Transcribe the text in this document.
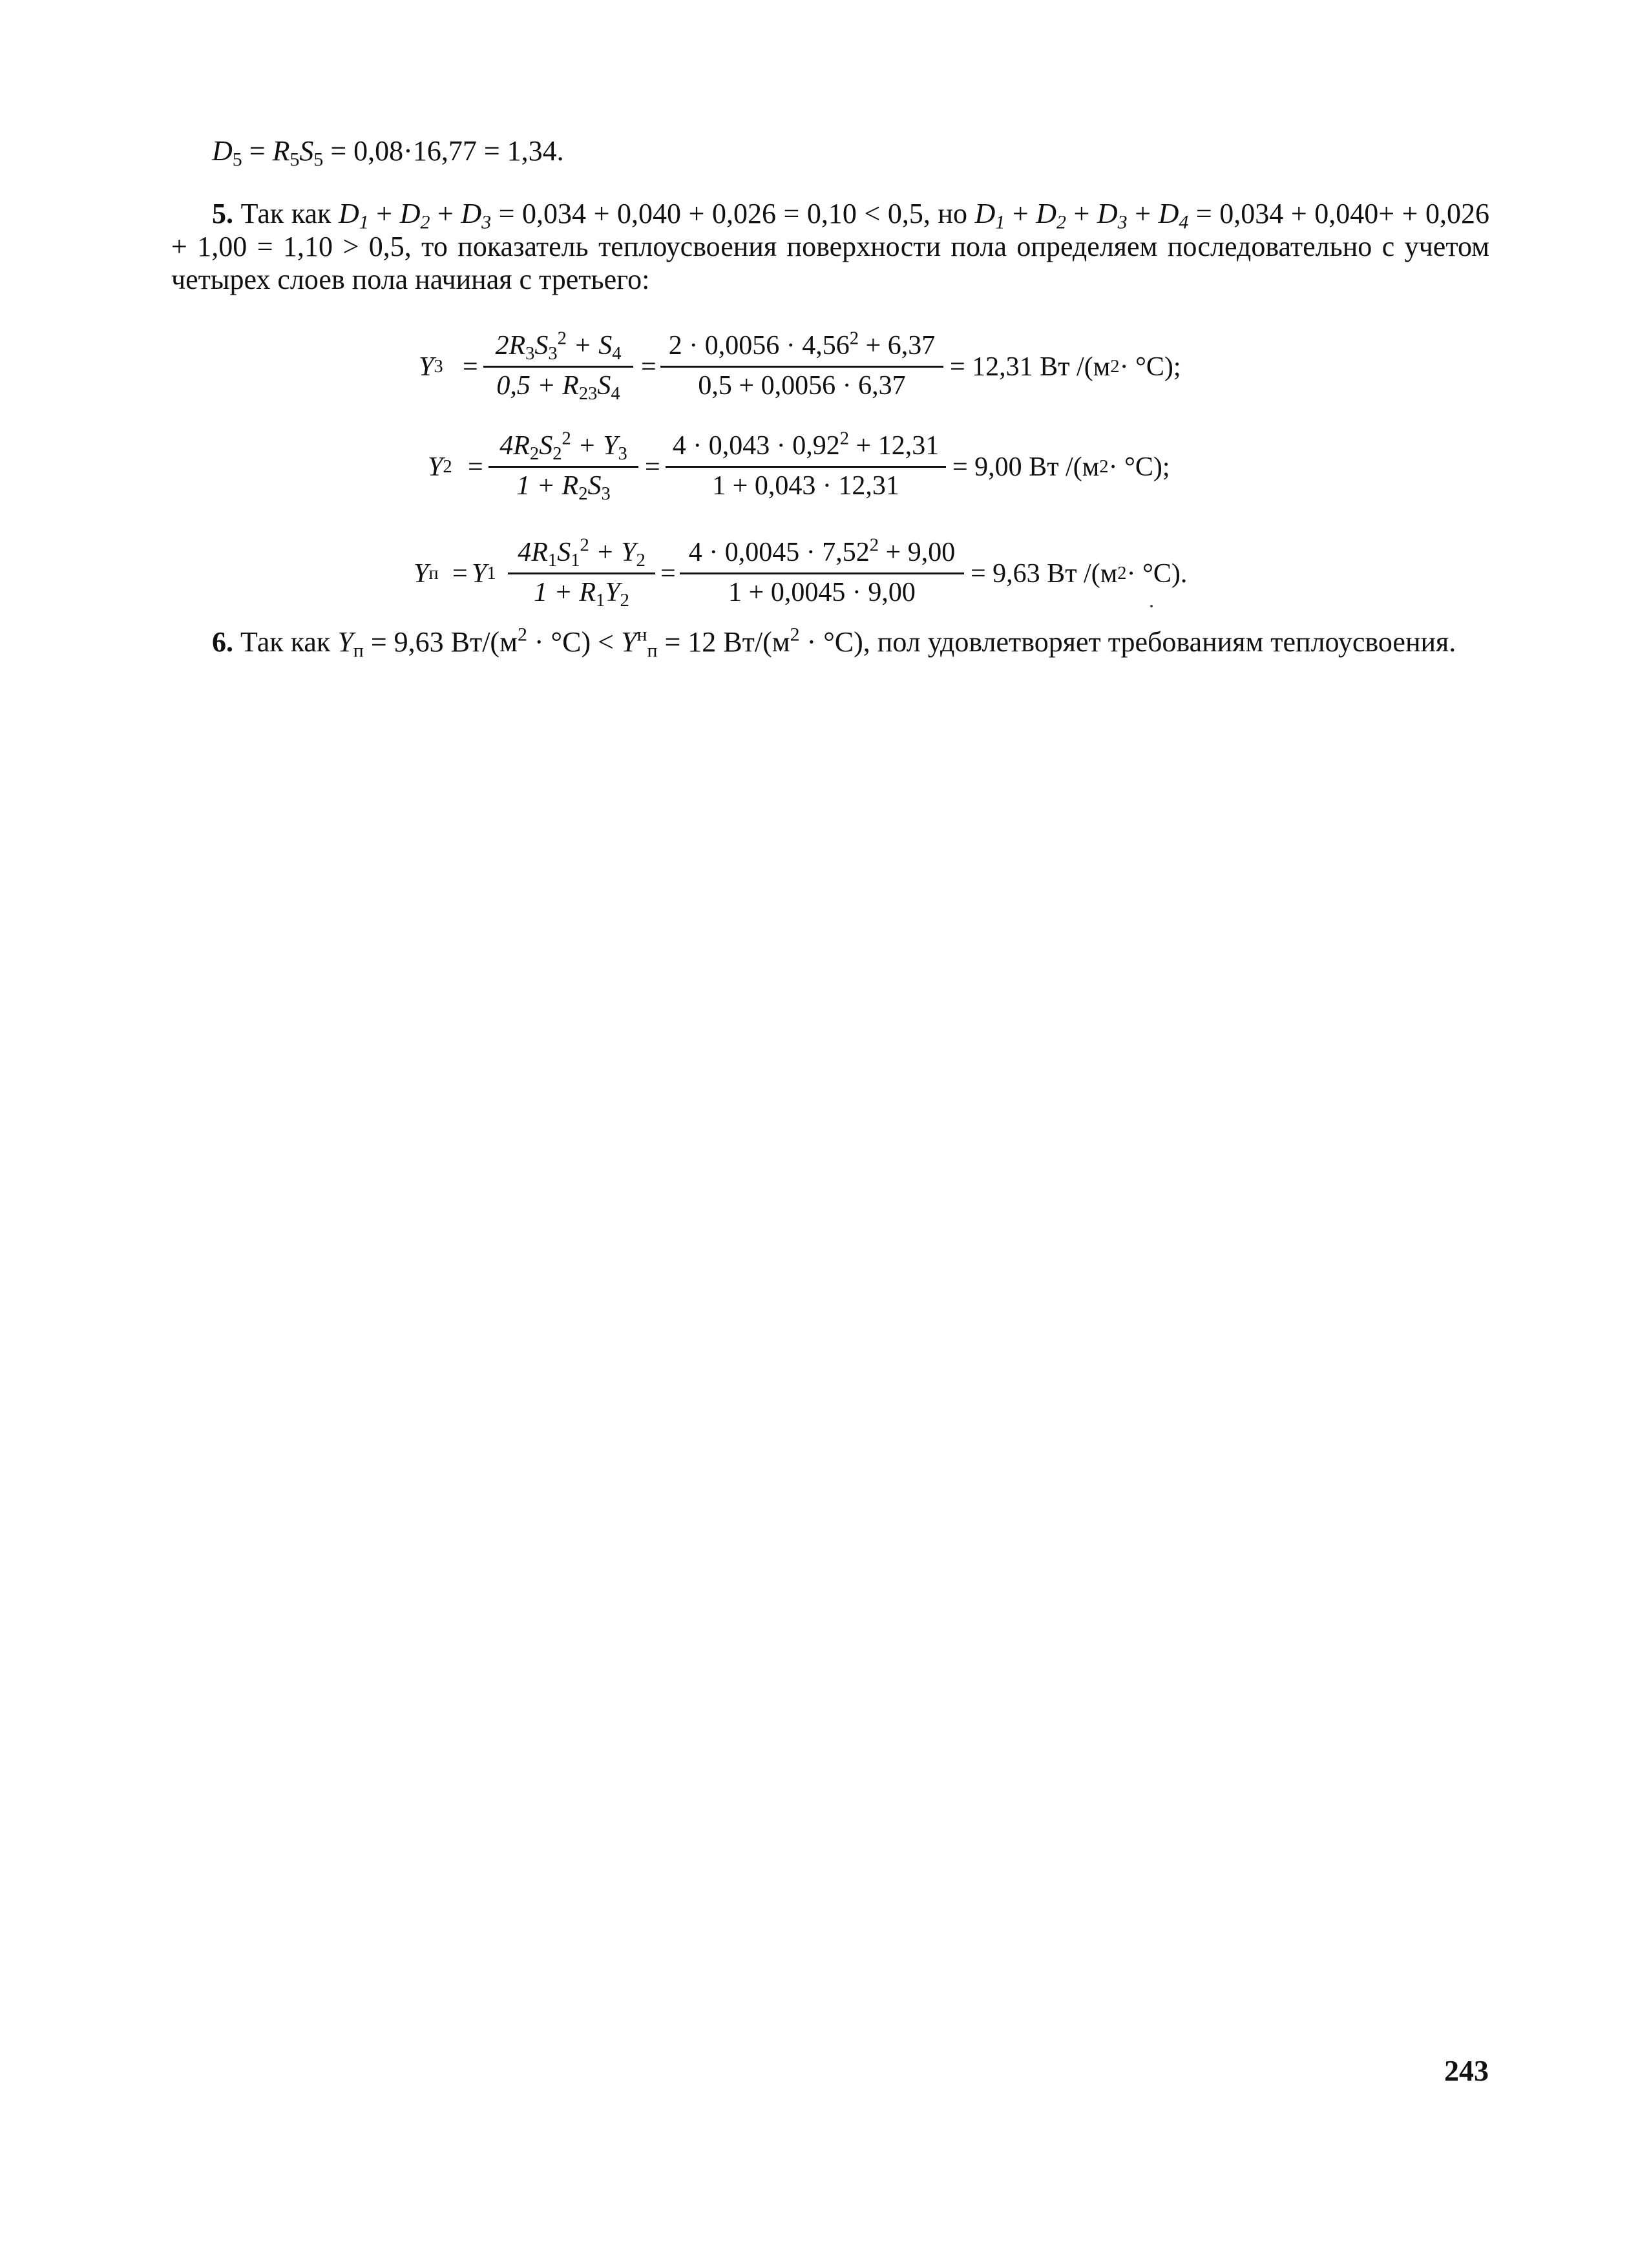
$D_5 = R_5S_5 = 0,08\cdot 16,77 = 1,34$.
5. Так как $D_1 + D_2 + D_3 = 0,034 + 0,040 + 0,026 = 0,10 < 0,5$, но $D_1 + D_2 + D_3 + D_4 = 0,034 + 0,040+ + 0,026 + 1,00 = 1,10 > 0,5$, то показатель теплоусвоения поверхности пола определяем последовательно с учетом четырех слоев пола начиная с третьего:
Y 3 =
$2R_3S_3^2 + S_4$
$0,5 + R_{23}S_4$
=
$2 \cdot 0,0056 \cdot 4,56^2 + 6,37$
0,5 + 0,0056 · 6,37
= 12,31 Вт /(м 2 · °С);
Y 2 =
$4R_2S_2^2 + Y_3$
$1 + R_2S_3$
=
$4 \cdot 0,043 \cdot 0,92^2 + 12,31$
1 + 0,043 · 12,31
= 9,00 Вт /(м 2 · °С);
Y п = Y 1
$4R_1S_1^2 + Y_2$
$1 + R_1Y_2$
=
$4 \cdot 0,0045 \cdot 7,52^2 + 9,00$
1 + 0,0045 · 9,00
= 9,63 Вт /(м 2 · °С).
6. Так как $Y_п = 9,63$ $Вт/(м^2 \cdot ^\circ С) < Y^н_п = 12$ $Вт/(м^2 \cdot ^\circ С)$, пол удовлетворяет требованиям теплоусвоения.
243
